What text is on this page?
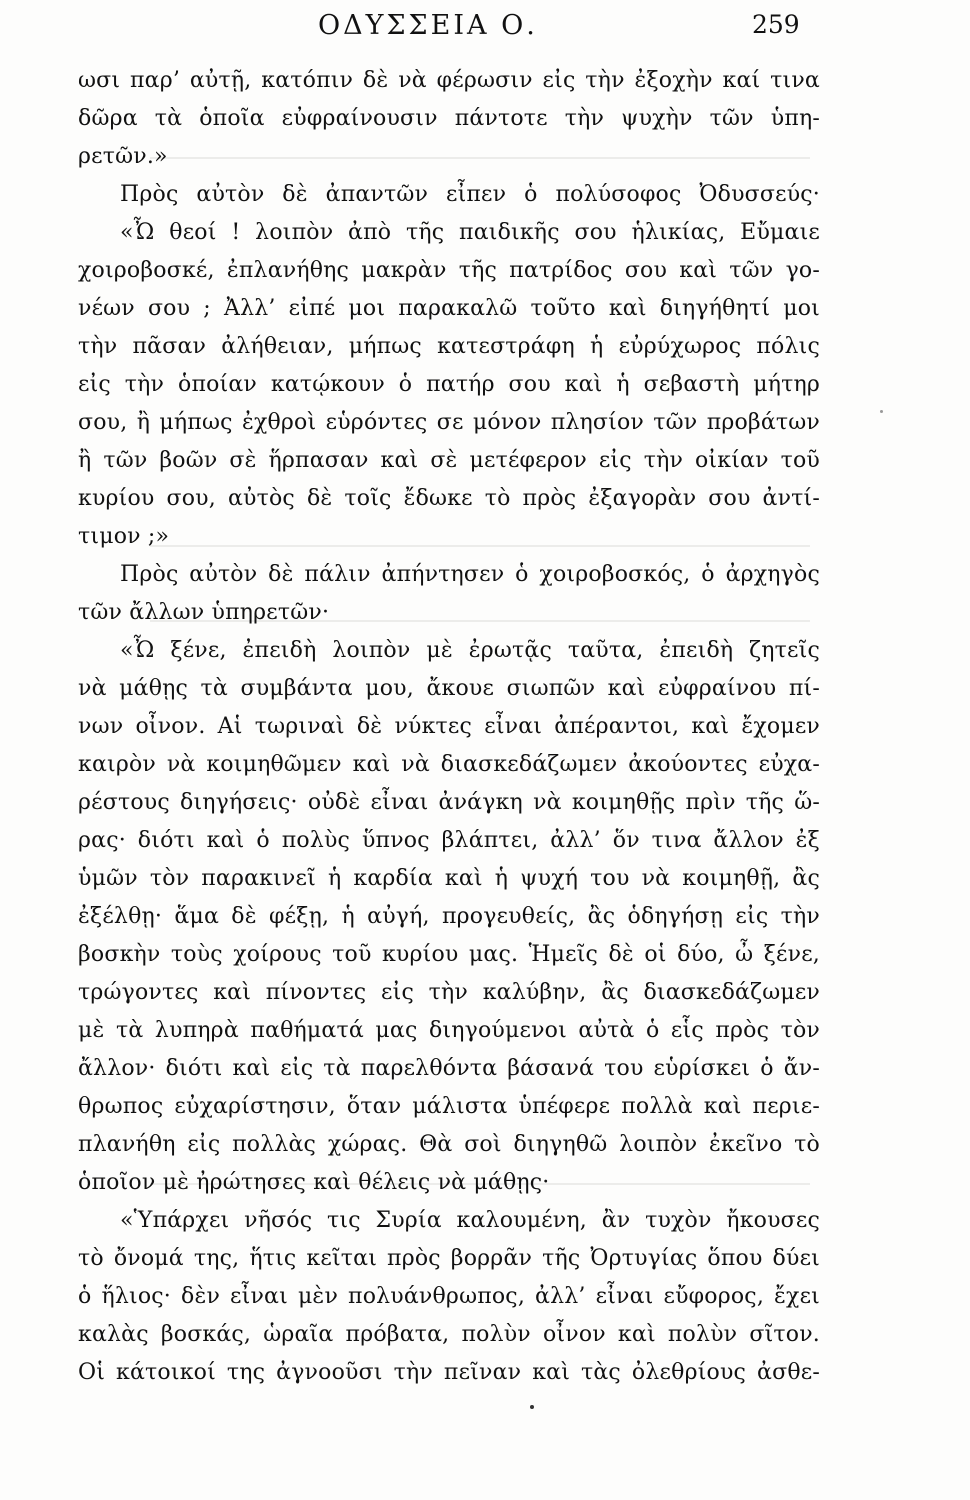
ΟΔΥΣΣΕΙΑ Ο.	259
ωσι παρ’ αὐτῇ, κατόπιν δὲ νὰ φέρωσιν εἰς τὴν ἐξοχὴν καί τινα
δῶρα τὰ ὁποῖα εὐφραίνουσιν πάντοτε τὴν ψυχὴν τῶν ὑπη-
ρετῶν.»
Πρὸς αὐτὸν δὲ ἀπαντῶν εἶπεν ὁ πολύσοφος Ὀδυσσεύς·
«Ὦ θεοί ! λοιπὸν ἀπὸ τῆς παιδικῆς σου ἡλικίας, Εὔμαιε
χοιροβοσκέ, ἐπλανήθης μακρὰν τῆς πατρίδος σου καὶ τῶν γο-
νέων σου ; Ἀλλ’ εἰπέ μοι παρακαλῶ τοῦτο καὶ διηγήθητί μοι
τὴν πᾶσαν ἀλήθειαν, μήπως κατεστράφη ἡ εὐρύχωρος πόλις
εἰς τὴν ὁποίαν κατῴκουν ὁ πατήρ σου καὶ ἡ σεβαστὴ μήτηρ
σου, ἢ μήπως ἐχθροὶ εὑρόντες σε μόνον πλησίον τῶν προβάτων
ἢ τῶν βοῶν σὲ ἥρπασαν καὶ σὲ μετέφερον εἰς τὴν οἰκίαν τοῦ
κυρίου σου, αὐτὸς δὲ τοῖς ἔδωκε τὸ πρὸς ἐξαγορὰν σου ἀντί-
τιμον ;»
Πρὸς αὐτὸν δὲ πάλιν ἀπήντησεν ὁ χοιροβοσκός, ὁ ἀρχηγὸς
τῶν ἄλλων ὑπηρετῶν·
«Ὦ ξένε, ἐπειδὴ λοιπὸν μὲ ἐρωτᾷς ταῦτα, ἐπειδὴ ζητεῖς
νὰ μάθῃς τὰ συμβάντα μου, ἄκουε σιωπῶν καὶ εὐφραίνου πί-
νων οἶνον. Αἱ τωριναὶ δὲ νύκτες εἶναι ἀπέραντοι, καὶ ἔχομεν
καιρὸν νὰ κοιμηθῶμεν καὶ νὰ διασκεδάζωμεν ἀκούοντες εὐχα-
ρέστους διηγήσεις· οὐδὲ εἶναι ἀνάγκη νὰ κοιμηθῇς πρὶν τῆς ὥ-
ρας· διότι καὶ ὁ πολὺς ὕπνος βλάπτει, ἀλλ’ ὅν τινα ἄλλον ἐξ
ὑμῶν τὸν παρακινεῖ ἡ καρδία καὶ ἡ ψυχή του νὰ κοιμηθῇ, ἂς
ἐξέλθῃ· ἅμα δὲ φέξῃ, ἡ αὐγή, προγευθείς, ἂς ὁδηγήσῃ εἰς τὴν
βοσκὴν τοὺς χοίρους τοῦ κυρίου μας. Ἡμεῖς δὲ οἱ δύο, ὦ ξένε,
τρώγοντες καὶ πίνοντες εἰς τὴν καλύβην, ἂς διασκεδάζωμεν
μὲ τὰ λυπηρὰ παθήματά μας διηγούμενοι αὐτὰ ὁ εἷς πρὸς τὸν
ἄλλον· διότι καὶ εἰς τὰ παρελθόντα βάσανά του εὑρίσκει ὁ ἄν-
θρωπος εὐχαρίστησιν, ὅταν μάλιστα ὑπέφερε πολλὰ καὶ περιε-
πλανήθη εἰς πολλὰς χώρας. Θὰ σοὶ διηγηθῶ λοιπὸν ἐκεῖνο τὸ
ὁποῖον μὲ ἠρώτησες καὶ θέλεις νὰ μάθῃς·
«Ὑπάρχει νῆσός τις Συρία καλουμένη, ἂν τυχὸν ἤκουσες
τὸ ὄνομά της, ἥτις κεῖται πρὸς βορρᾶν τῆς Ὀρτυγίας ὅπου δύει
ὁ ἥλιος· δὲν εἶναι μὲν πολυάνθρωπος, ἀλλ’ εἶναι εὔφορος, ἔχει
καλὰς βοσκάς, ὡραῖα πρόβατα, πολὺν οἶνον καὶ πολὺν σῖτον.
Οἱ κάτοικοί της ἀγνοοῦσι τὴν πεῖναν καὶ τὰς ὀλεθρίους ἀσθε-
